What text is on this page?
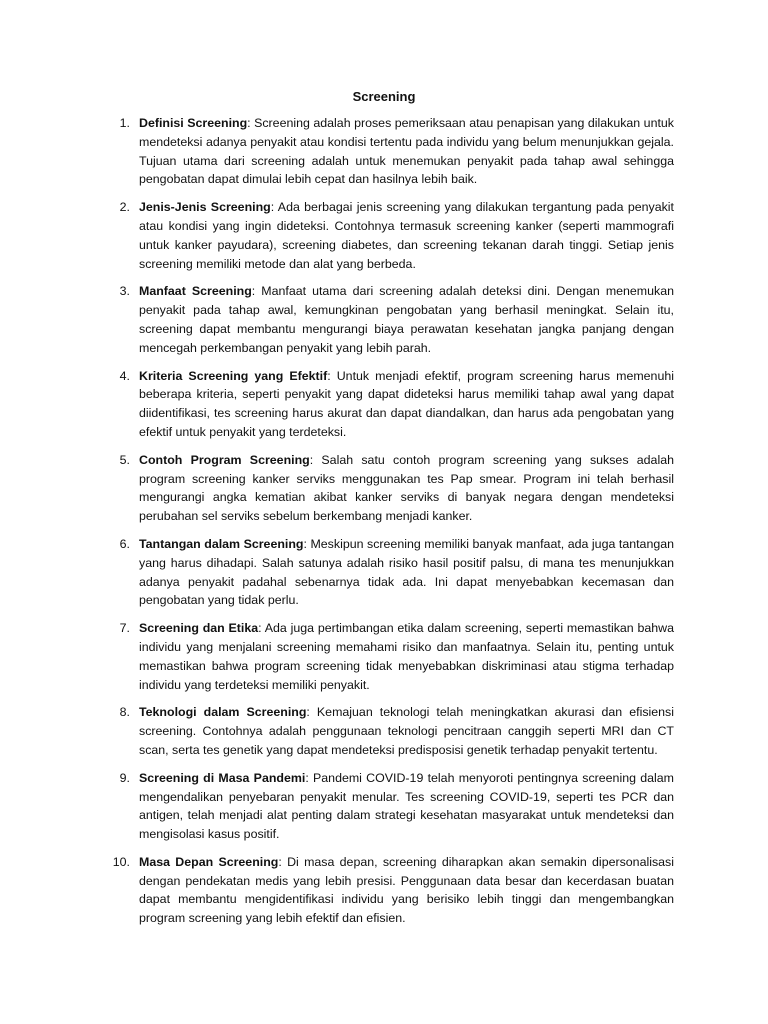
Screening
1. Definisi Screening: Screening adalah proses pemeriksaan atau penapisan yang dilakukan untuk mendeteksi adanya penyakit atau kondisi tertentu pada individu yang belum menunjukkan gejala. Tujuan utama dari screening adalah untuk menemukan penyakit pada tahap awal sehingga pengobatan dapat dimulai lebih cepat dan hasilnya lebih baik.
2. Jenis-Jenis Screening: Ada berbagai jenis screening yang dilakukan tergantung pada penyakit atau kondisi yang ingin dideteksi. Contohnya termasuk screening kanker (seperti mammografi untuk kanker payudara), screening diabetes, dan screening tekanan darah tinggi. Setiap jenis screening memiliki metode dan alat yang berbeda.
3. Manfaat Screening: Manfaat utama dari screening adalah deteksi dini. Dengan menemukan penyakit pada tahap awal, kemungkinan pengobatan yang berhasil meningkat. Selain itu, screening dapat membantu mengurangi biaya perawatan kesehatan jangka panjang dengan mencegah perkembangan penyakit yang lebih parah.
4. Kriteria Screening yang Efektif: Untuk menjadi efektif, program screening harus memenuhi beberapa kriteria, seperti penyakit yang dapat dideteksi harus memiliki tahap awal yang dapat diidentifikasi, tes screening harus akurat dan dapat diandalkan, dan harus ada pengobatan yang efektif untuk penyakit yang terdeteksi.
5. Contoh Program Screening: Salah satu contoh program screening yang sukses adalah program screening kanker serviks menggunakan tes Pap smear. Program ini telah berhasil mengurangi angka kematian akibat kanker serviks di banyak negara dengan mendeteksi perubahan sel serviks sebelum berkembang menjadi kanker.
6. Tantangan dalam Screening: Meskipun screening memiliki banyak manfaat, ada juga tantangan yang harus dihadapi. Salah satunya adalah risiko hasil positif palsu, di mana tes menunjukkan adanya penyakit padahal sebenarnya tidak ada. Ini dapat menyebabkan kecemasan dan pengobatan yang tidak perlu.
7. Screening dan Etika: Ada juga pertimbangan etika dalam screening, seperti memastikan bahwa individu yang menjalani screening memahami risiko dan manfaatnya. Selain itu, penting untuk memastikan bahwa program screening tidak menyebabkan diskriminasi atau stigma terhadap individu yang terdeteksi memiliki penyakit.
8. Teknologi dalam Screening: Kemajuan teknologi telah meningkatkan akurasi dan efisiensi screening. Contohnya adalah penggunaan teknologi pencitraan canggih seperti MRI dan CT scan, serta tes genetik yang dapat mendeteksi predisposisi genetik terhadap penyakit tertentu.
9. Screening di Masa Pandemi: Pandemi COVID-19 telah menyoroti pentingnya screening dalam mengendalikan penyebaran penyakit menular. Tes screening COVID-19, seperti tes PCR dan antigen, telah menjadi alat penting dalam strategi kesehatan masyarakat untuk mendeteksi dan mengisolasi kasus positif.
10. Masa Depan Screening: Di masa depan, screening diharapkan akan semakin dipersonalisasi dengan pendekatan medis yang lebih presisi. Penggunaan data besar dan kecerdasan buatan dapat membantu mengidentifikasi individu yang berisiko lebih tinggi dan mengembangkan program screening yang lebih efektif dan efisien.
